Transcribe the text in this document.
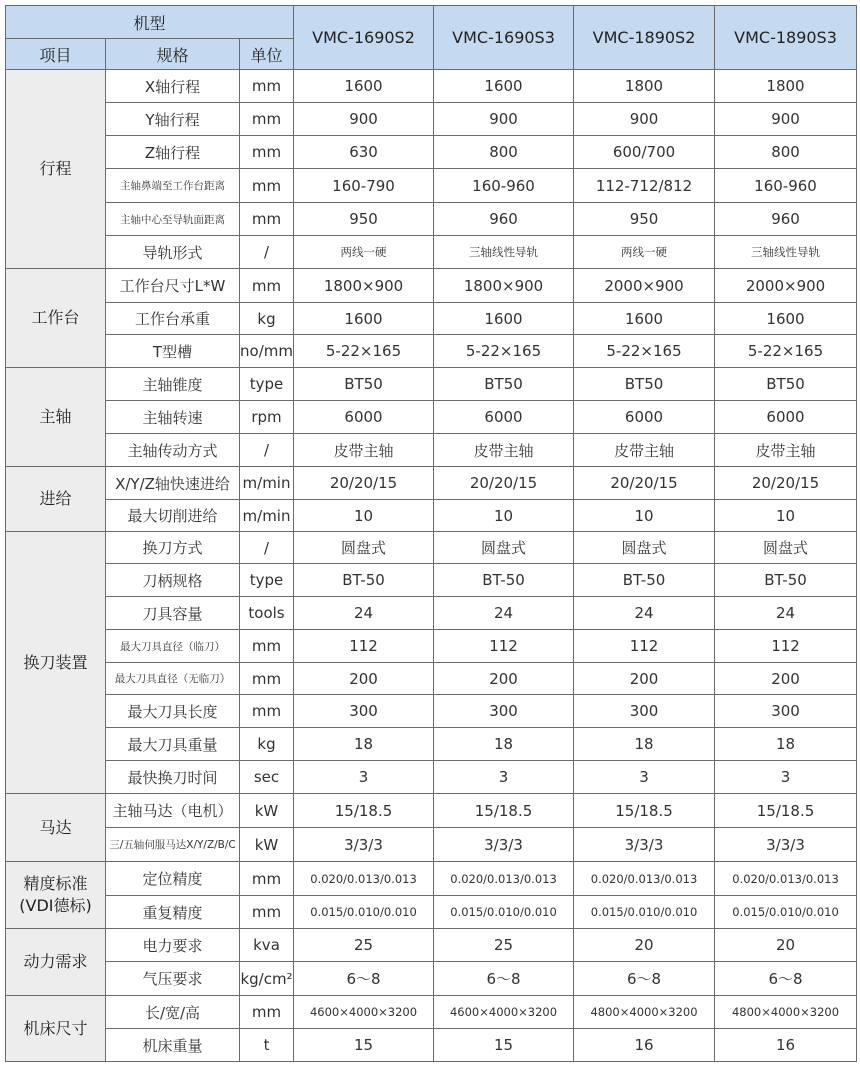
机型			VMC-1690S2	VMC-1690S3	VMC-1890S2	VMC-1890S3
项目	规格	单位				

行程	X轴行程	mm	1600	1600	1800	1800
	Y轴行程	mm	900	900	900	900
	Z轴行程	mm	630	800	600/700	800
	主轴鼻端至工作台距离	mm	160-790	160-960	112-712/812	160-960
	主轴中心至导轨面距离	mm	950	960	950	960
	导轨形式	/	两线一硬	三轴线性导轨	两线一硬	三轴线性导轨

工作台	工作台尺寸L*W	mm	1800×900	1800×900	2000×900	2000×900
	工作台承重	kg	1600	1600	1600	1600
	T型槽	no/mm	5-22×165	5-22×165	5-22×165	5-22×165

主轴	主轴锥度	type	BT50	BT50	BT50	BT50
	主轴转速	rpm	6000	6000	6000	6000
	主轴传动方式	/	皮带主轴	皮带主轴	皮带主轴	皮带主轴

进给	X/Y/Z轴快速进给	m/min	20/20/15	20/20/15	20/20/15	20/20/15
	最大切削进给	m/min	10	10	10	10

换刀装置	换刀方式	/	圆盘式	圆盘式	圆盘式	圆盘式
	刀柄规格	type	BT-50	BT-50	BT-50	BT-50
	刀具容量	tools	24	24	24	24
	最大刀具直径（临刀）	mm	112	112	112	112
	最大刀具直径（无临刀）	mm	200	200	200	200
	最大刀具长度	mm	300	300	300	300
	最大刀具重量	kg	18	18	18	18
	最快换刀时间	sec	3	3	3	3

马达	主轴马达（电机）	kW	15/18.5	15/18.5	15/18.5	15/18.5
	三/五轴伺服马达X/Y/Z/B/C	kW	3/3/3	3/3/3	3/3/3	3/3/3

精度标准
(VDI德标)	定位精度	mm	0.020/0.013/0.013	0.020/0.013/0.013	0.020/0.013/0.013	0.020/0.013/0.013
	重复精度	mm	0.015/0.010/0.010	0.015/0.010/0.010	0.015/0.010/0.010	0.015/0.010/0.010

动力需求	电力要求	kva	25	25	20	20
	气压要求	kg/cm²	6～8	6～8	6～8	6～8

机床尺寸	长/宽/高	mm	4600×4000×3200	4600×4000×3200	4800×4000×3200	4800×4000×3200
	机床重量	t	15	15	16	16
